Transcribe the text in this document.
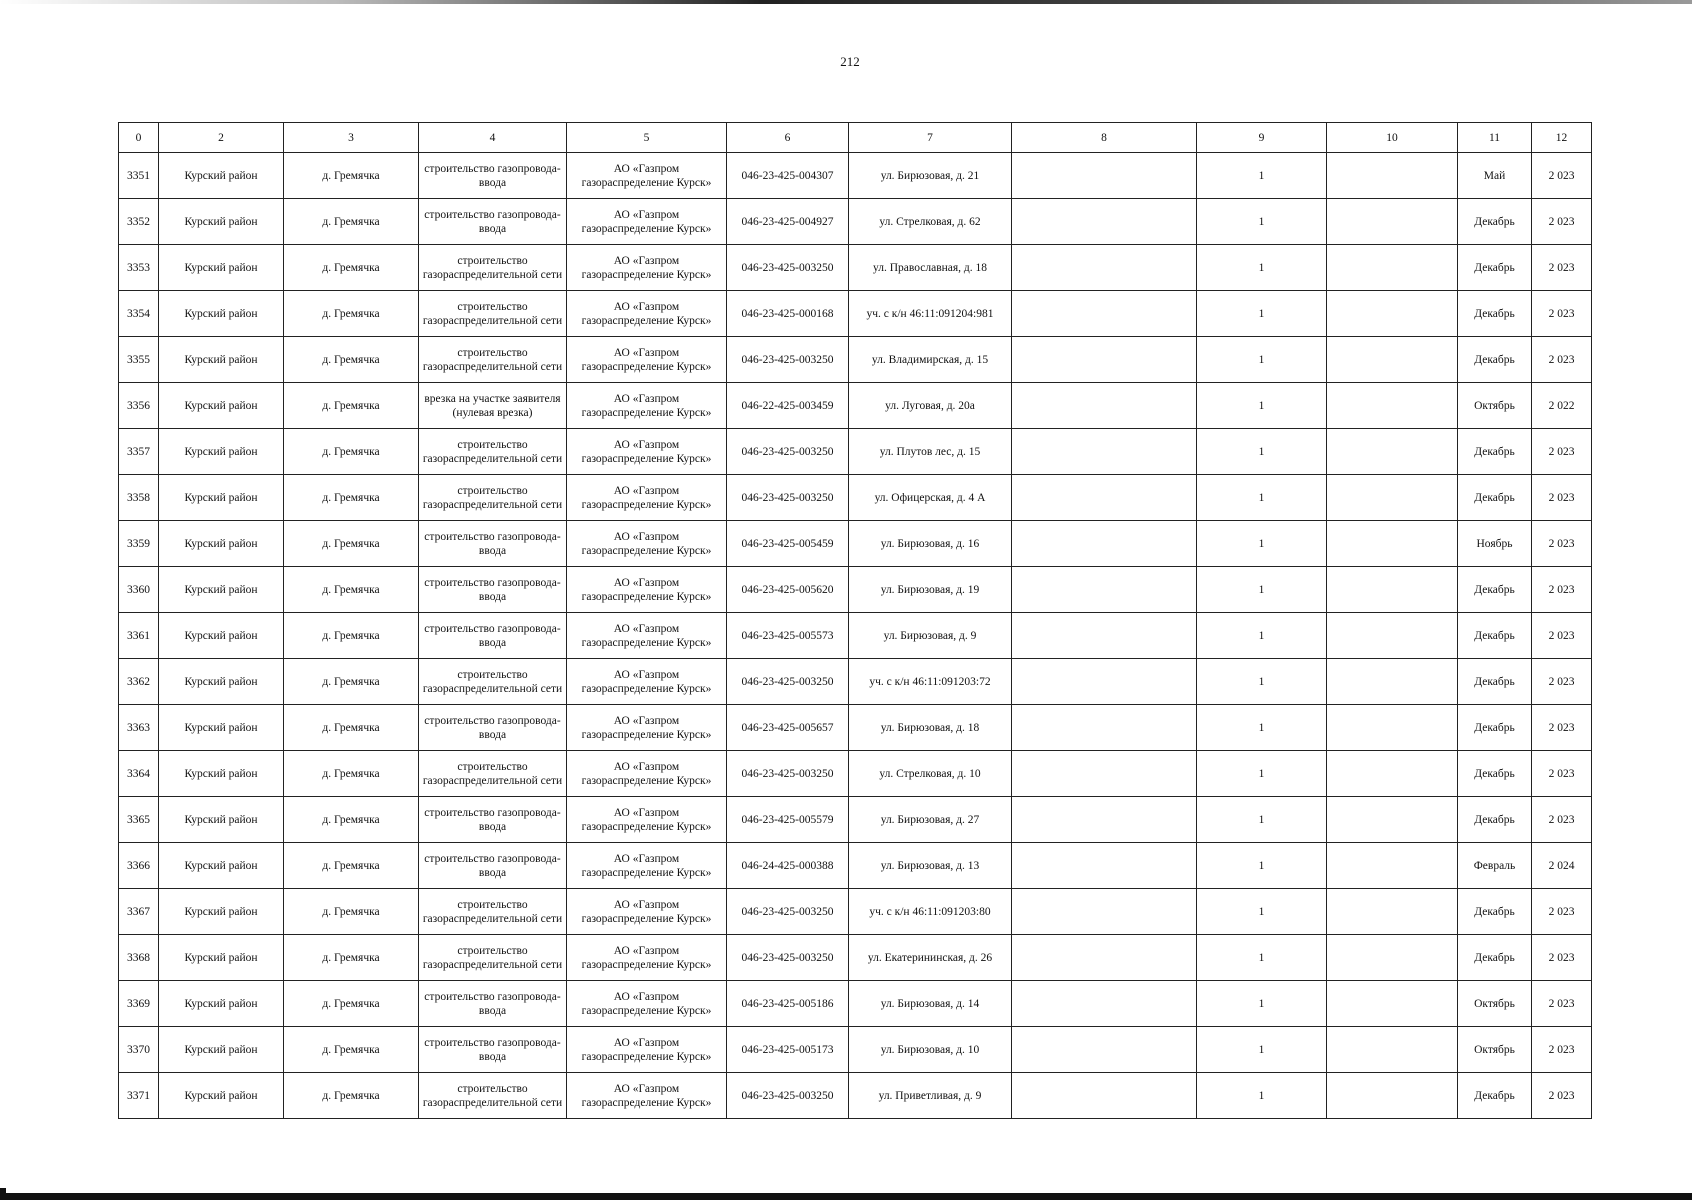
212
0	2	3	4	5	6	7	8	9	10	11	12
3351	Курский район	д. Гремячка	строительство газопровода-ввода	АО «Газпром газораспределение Курск»	046-23-425-004307	ул. Бирюзовая, д. 21		1		Май	2 023
3352	Курский район	д. Гремячка	строительство газопровода-ввода	АО «Газпром газораспределение Курск»	046-23-425-004927	ул. Стрелковая, д. 62		1		Декабрь	2 023
3353	Курский район	д. Гремячка	строительство газораспределительной сети	АО «Газпром газораспределение Курск»	046-23-425-003250	ул. Православная, д. 18		1		Декабрь	2 023
3354	Курский район	д. Гремячка	строительство газораспределительной сети	АО «Газпром газораспределение Курск»	046-23-425-000168	уч. с к/н 46:11:091204:981		1		Декабрь	2 023
3355	Курский район	д. Гремячка	строительство газораспределительной сети	АО «Газпром газораспределение Курск»	046-23-425-003250	ул. Владимирская, д. 15		1		Декабрь	2 023
3356	Курский район	д. Гремячка	врезка на участке заявителя (нулевая врезка)	АО «Газпром газораспределение Курск»	046-22-425-003459	ул. Луговая, д. 20а		1		Октябрь	2 022
3357	Курский район	д. Гремячка	строительство газораспределительной сети	АО «Газпром газораспределение Курск»	046-23-425-003250	ул. Плутов лес, д. 15		1		Декабрь	2 023
3358	Курский район	д. Гремячка	строительство газораспределительной сети	АО «Газпром газораспределение Курск»	046-23-425-003250	ул. Офицерская, д. 4 А		1		Декабрь	2 023
3359	Курский район	д. Гремячка	строительство газопровода-ввода	АО «Газпром газораспределение Курск»	046-23-425-005459	ул. Бирюзовая, д. 16		1		Ноябрь	2 023
3360	Курский район	д. Гремячка	строительство газопровода-ввода	АО «Газпром газораспределение Курск»	046-23-425-005620	ул. Бирюзовая, д. 19		1		Декабрь	2 023
3361	Курский район	д. Гремячка	строительство газопровода-ввода	АО «Газпром газораспределение Курск»	046-23-425-005573	ул. Бирюзовая, д. 9		1		Декабрь	2 023
3362	Курский район	д. Гремячка	строительство газораспределительной сети	АО «Газпром газораспределение Курск»	046-23-425-003250	уч. с к/н 46:11:091203:72		1		Декабрь	2 023
3363	Курский район	д. Гремячка	строительство газопровода-ввода	АО «Газпром газораспределение Курск»	046-23-425-005657	ул. Бирюзовая, д. 18		1		Декабрь	2 023
3364	Курский район	д. Гремячка	строительство газораспределительной сети	АО «Газпром газораспределение Курск»	046-23-425-003250	ул. Стрелковая, д. 10		1		Декабрь	2 023
3365	Курский район	д. Гремячка	строительство газопровода-ввода	АО «Газпром газораспределение Курск»	046-23-425-005579	ул. Бирюзовая, д. 27		1		Декабрь	2 023
3366	Курский район	д. Гремячка	строительство газопровода-ввода	АО «Газпром газораспределение Курск»	046-24-425-000388	ул. Бирюзовая, д. 13		1		Февраль	2 024
3367	Курский район	д. Гремячка	строительство газораспределительной сети	АО «Газпром газораспределение Курск»	046-23-425-003250	уч. с к/н 46:11:091203:80		1		Декабрь	2 023
3368	Курский район	д. Гремячка	строительство газораспределительной сети	АО «Газпром газораспределение Курск»	046-23-425-003250	ул. Екатерининская, д. 26		1		Декабрь	2 023
3369	Курский район	д. Гремячка	строительство газопровода-ввода	АО «Газпром газораспределение Курск»	046-23-425-005186	ул. Бирюзовая, д. 14		1		Октябрь	2 023
3370	Курский район	д. Гремячка	строительство газопровода-ввода	АО «Газпром газораспределение Курск»	046-23-425-005173	ул. Бирюзовая, д. 10		1		Октябрь	2 023
3371	Курский район	д. Гремячка	строительство газораспределительной сети	АО «Газпром газораспределение Курск»	046-23-425-003250	ул. Приветливая, д. 9		1		Декабрь	2 023
